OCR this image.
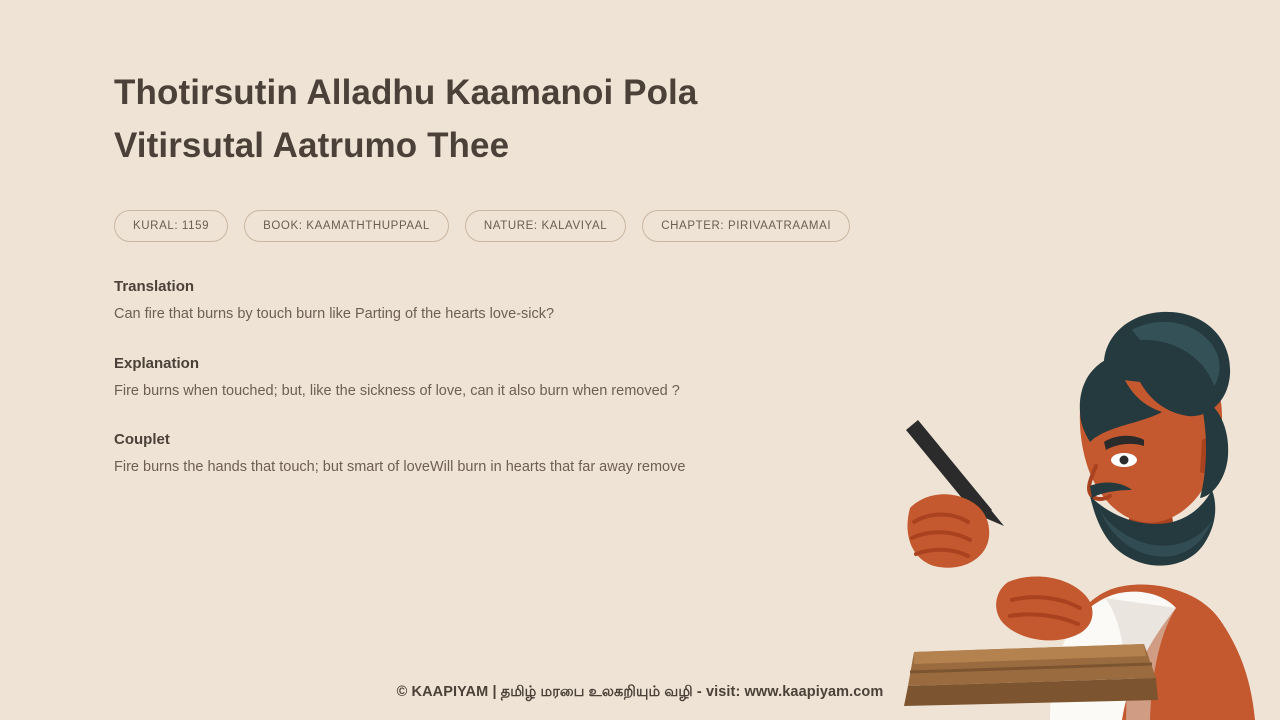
Thotirsutin Alladhu Kaamanoi Pola Vitirsutal Aatrumo Thee
KURAL: 1159	BOOK: KAAMATHTHUPPAAL	NATURE: KALAVIYAL	CHAPTER: PIRIVAATRAAMAI
Translation

Can fire that burns by touch burn like Parting of the hearts love-sick?

Explanation

Fire burns when touched; but, like the sickness of love, can it also burn when removed ?

Couplet

Fire burns the hands that touch; but smart of loveWill burn in hearts that far away remove

© KAAPIYAM | தமிழ் மரபை உலகறியும் வழி - visit: www.kaapiyam.com
